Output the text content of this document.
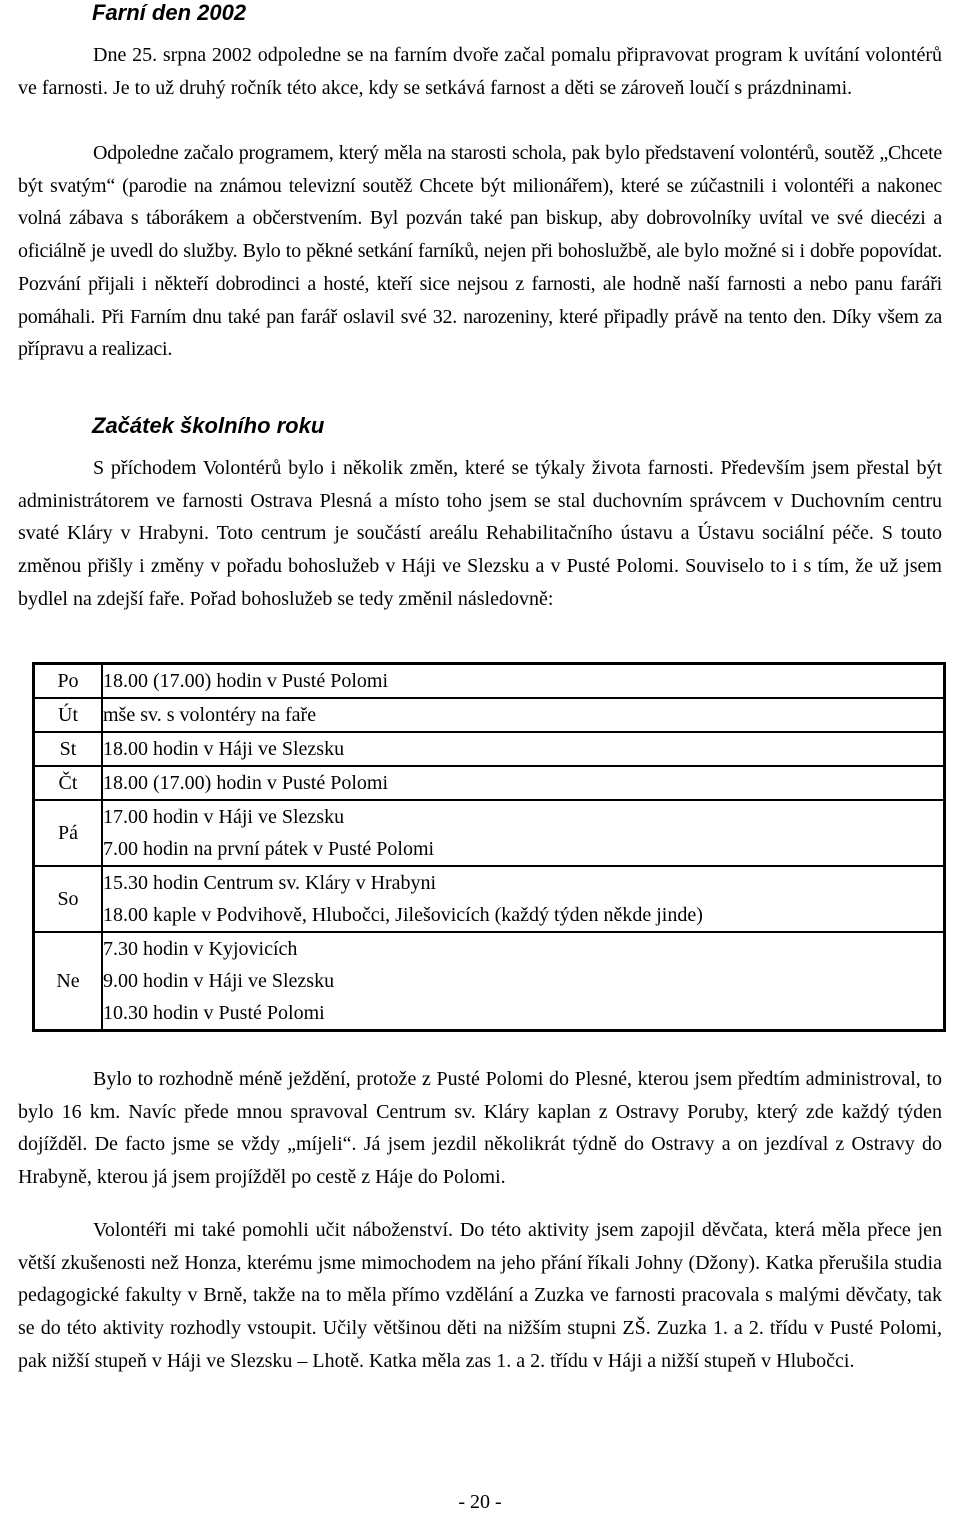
Farní den 2002

Dne 25. srpna 2002 odpoledne se na farním dvoře začal pomalu připravovat program k uvítání volontérů ve farnosti. Je to už druhý ročník této akce, kdy se setkává farnost a děti se zároveň loučí s prázdninami.

Odpoledne začalo programem, který měla na starosti schola, pak bylo představení volontérů, soutěž „Chcete být svatým“ (parodie na známou televizní soutěž Chcete být milionářem), které se zúčastnili i volontéři a nakonec volná zábava s táborákem a občerstvením. Byl pozván také pan biskup, aby dobrovolníky uvítal ve své diecézi a oficiálně je uvedl do služby. Bylo to pěkné setkání farníků, nejen při bohoslužbě, ale bylo možné si i dobře popovídat. Pozvání přijali i někteří dobrodinci a hosté, kteří sice nejsou z farnosti, ale hodně naší farnosti a nebo panu faráři pomáhali. Při Farním dnu také pan farář oslavil své 32. narozeniny, které připadly právě na tento den. Díky všem za přípravu a realizaci.

Začátek školního roku

S příchodem Volontérů bylo i několik změn, které se týkaly života farnosti. Především jsem přestal být administrátorem ve farnosti Ostrava Plesná a místo toho jsem se stal duchovním správcem v Duchovním centru svaté Kláry v Hrabyni. Toto centrum je součástí areálu Rehabilitačního ústavu a Ústavu sociální péče. S touto změnou přišly i změny v pořadu bohoslužeb v Háji ve Slezsku a v Pusté Polomi. Souviselo to i s tím, že už jsem bydlel na zdejší faře. Pořad bohoslužeb se tedy změnil následovně:

Po	18.00 (17.00) hodin v Pusté Polomi

Út	mše sv. s volontéry na faře

St	18.00 hodin v Háji ve Slezsku

Čt	18.00 (17.00) hodin v Pusté Polomi

Pá	17.00 hodin v Háji ve Slezsku
7.00 hodin na první pátek v Pusté Polomi

So	15.30 hodin Centrum sv. Kláry v Hrabyni
18.00 kaple v Podvihově, Hlubočci, Jilešovicích (každý týden někde jinde)

Ne	7.30 hodin v Kyjovicích
9.00 hodin v Háji ve Slezsku
10.30 hodin v Pusté Polomi

Bylo to rozhodně méně ježdění, protože z Pusté Polomi do Plesné, kterou jsem předtím administroval, to bylo 16 km. Navíc přede mnou spravoval Centrum sv. Kláry kaplan z Ostravy Poruby, který zde každý týden dojížděl. De facto jsme se vždy „míjeli“. Já jsem jezdil několikrát týdně do Ostravy a on jezdíval z Ostravy do Hrabyně, kterou já jsem projížděl po cestě z Háje do Polomi.

Volontéři mi také pomohli učit náboženství. Do této aktivity jsem zapojil děvčata, která měla přece jen větší zkušenosti než Honza, kterému jsme mimochodem na jeho přání říkali Johny (Džony). Katka přerušila studia pedagogické fakulty v Brně, takže na to měla přímo vzdělání a Zuzka ve farnosti pracovala s malými děvčaty, tak se do této aktivity rozhodly vstoupit. Učily většinou děti na nižším stupni ZŠ. Zuzka 1. a 2. třídu v Pusté Polomi, pak nižší stupeň v Háji ve Slezsku – Lhotě. Katka měla zas 1. a 2. třídu v Háji a nižší stupeň v Hlubočci.

- 20 -
